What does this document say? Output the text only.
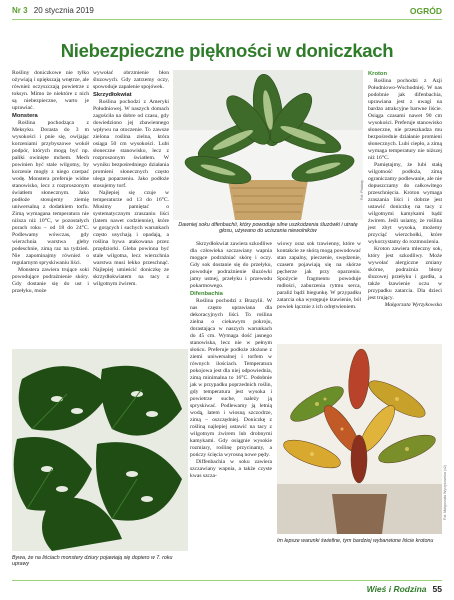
Nr 3 20 stycznia 2019	OGRÓD
Niebezpieczne piękności w doniczkach

Rośliny doniczkowe nie tylko ożywiają i upiększają wnętrze, ale również oczyszczają powietrze z toksyn. Mimo że niektóre z nich są niebezpieczne, warto je uprawiać.

Monstera

Roślina pochodząca z Meksyku. Dorasta do 3 m wysokości i pnie się, owijając korzeniami przybyszowe wokół podpór, których mogą być np. paliki owinięte mchem. Mech powinien być stale wilgotny, by korzenie mogły z niego czerpać wodę. Monstera preferuje widne stanowisko, lecz z rozproszonym światłem słonecznym. Jako podłoże stosujemy ziemię uniwersalną z dodatkiem torfu. Zimą wymagana temperatura nie niższa niż 10°C, w pozostałych porach roku – od 18 do 24°C. Podlewamy wówczas, gdy wierzchnia warstwa gleby podeschnie, zimą raz na tydzień. Nie zapominajmy również o regularnym spryskiwaniu liści.

Monstera zawiera trujące soki powodujące podrażnienie skóry. Gdy dostanie się do ust i przełyku, może

wywołać obrzmienie błon śluzowych. Gdy zatrzemy oczy, spowoduje zapalenie spojówek.

Skrzydłokwiat

Roślina pochodzi z Ameryki Południowej. W naszych domach zagościła na dobre od czasu, gdy dowiedziono jej zbawiennego wpływu na otoczenie. To zawsze zielona roślina zielna, która osiąga 50 cm wysokości. Lubi słoneczne stanowisko, lecz z rozproszonym światłem. W wyniku bezpośredniego działania promieni słonecznych często ulega poparzeniu. Jako podłoże stosujemy torf.

Najlepiej się czuje w temperaturze od 13 do 16°C. Musimy pamiętać o systematycznym zraszaniu liści (latem nawet codziennie), które w gorących i suchych warunkach często usychają i opadają, a roślina bywa atakowana przez przędziorki. Gleba powinna być stale wilgotna, lecz wierzchnia warstwa musi lekko przeschnąć. Najlepiej umieścić doniczkę ze skrzydłokwiatem na tacy z wilgotnym żwirem.

Fot. Pixabay
Dawniej soku difenbachii, który powoduje silne uszkodzenia śluzówki i utratę głosu, używano do uciszania niewolników

Kroton

Roślina pochodzi z Azji Południowo-Wschodniej. W nas podobnie jak difenbachia, uprawiana jest z uwagi na bardzo atrakcyjne barwne liście. Osiąga czasami nawet 90 cm wysokości. Preferuje stanowisko słoneczne, nie przeszkadza mu bezpośrednie działanie promieni słonecznych. Lubi ciepło, a zimą wymaga temperatury nie niższej niż 16°C.

Pamiętajmy, że lubi stałą wilgotność podłoża, zimą ograniczamy podlewanie, ale nie dopuszczamy do całkowitego przeschnięcia. Kroton wymaga zraszania liści i dobrze jest ustawić doniczkę na tacy z wilgotnymi kamykami bądź żwirem. Jeśli usiamy, że roślina jest zbyt wysoka, możemy przyciąć wierzchołki, które wykorzystamy do rozmnożenia.

Kroton zawiera mleczny sok, który jest szkodliwy. Może wywołać alergiczne zmiany skórne, podrażnia błony śluzowej przełyku i gardła, a także łzawienie oczu w przypadku zatarcia. Dla dzieci jest trujący.

Małgorzata Wyrzykowska

Skrzydłokwiat zawiera szkodliwe dla człowieka szczawiany wapnia mogące podrażniać skórę i oczy. Gdy sok dostanie się do przełyku, powoduje podrażnienie śluzówki jamy ustnej, przełyku i przewodu pokarmowego.

Difenbachia

Roślina pochodzi z Brazylii. W nas często uprawiana dla dekoracyjnych liści. To roślina zielna o ciekawym pokroju, dorastająca w naszych warunkach do 45 cm. Wymaga dość jasnego stanowiska, lecz nie w pełnym słońcu. Preferuje podłoże złożone z ziemi uniwersalnej i torfem w równych ilościach. Temperatura pokojowa jest dla niej odpowiednia, zimą minimalna to 16°C. Podobnie jak w przypadku poprzednich roślin, gdy temperatura jest wysoka i powietrze suche, należy ją spryskiwać. Podlewamy ją letnią wodą, latem i wiosną szczodrze, zimą – oszczędniej. Doniczkę z rośliną najlepiej ustawić na tacy z wilgotnym żwirem lub drobnymi kamykami. Gdy osiągnie wysokie rozmiary, roślinę przycinamy, a pończy ścięcia wyrosną nowe pędy.

Diffenbachia w soku zawiera szczawiany wapnia, a także czyste kwas szcza-

wiowy oraz sok trawienny, które w kontakcie ze skórą mogą powodować stan zapalny, pieczenie, swędzenie, czasem pojawiają się na skórze pęcherze jak przy oparzeniu. Spożycie fragmentu powoduje mdłości, zaburzenia rytmu serca, paraliż bądź biegunkę. W przypadku zatarcia oka występuje łzawienie, ból powiek łącznie z ich odrętwieniem.

Bywa, że na liściach monstery dziury pojawiają się dopiero w 7. roku uprawy
Fot. Małgorzata Wyrzykowska (x2)
Im lepsze warunki świetlne, tym bardziej wybarwione liście krotonu
Wieś i Rodzina 55
